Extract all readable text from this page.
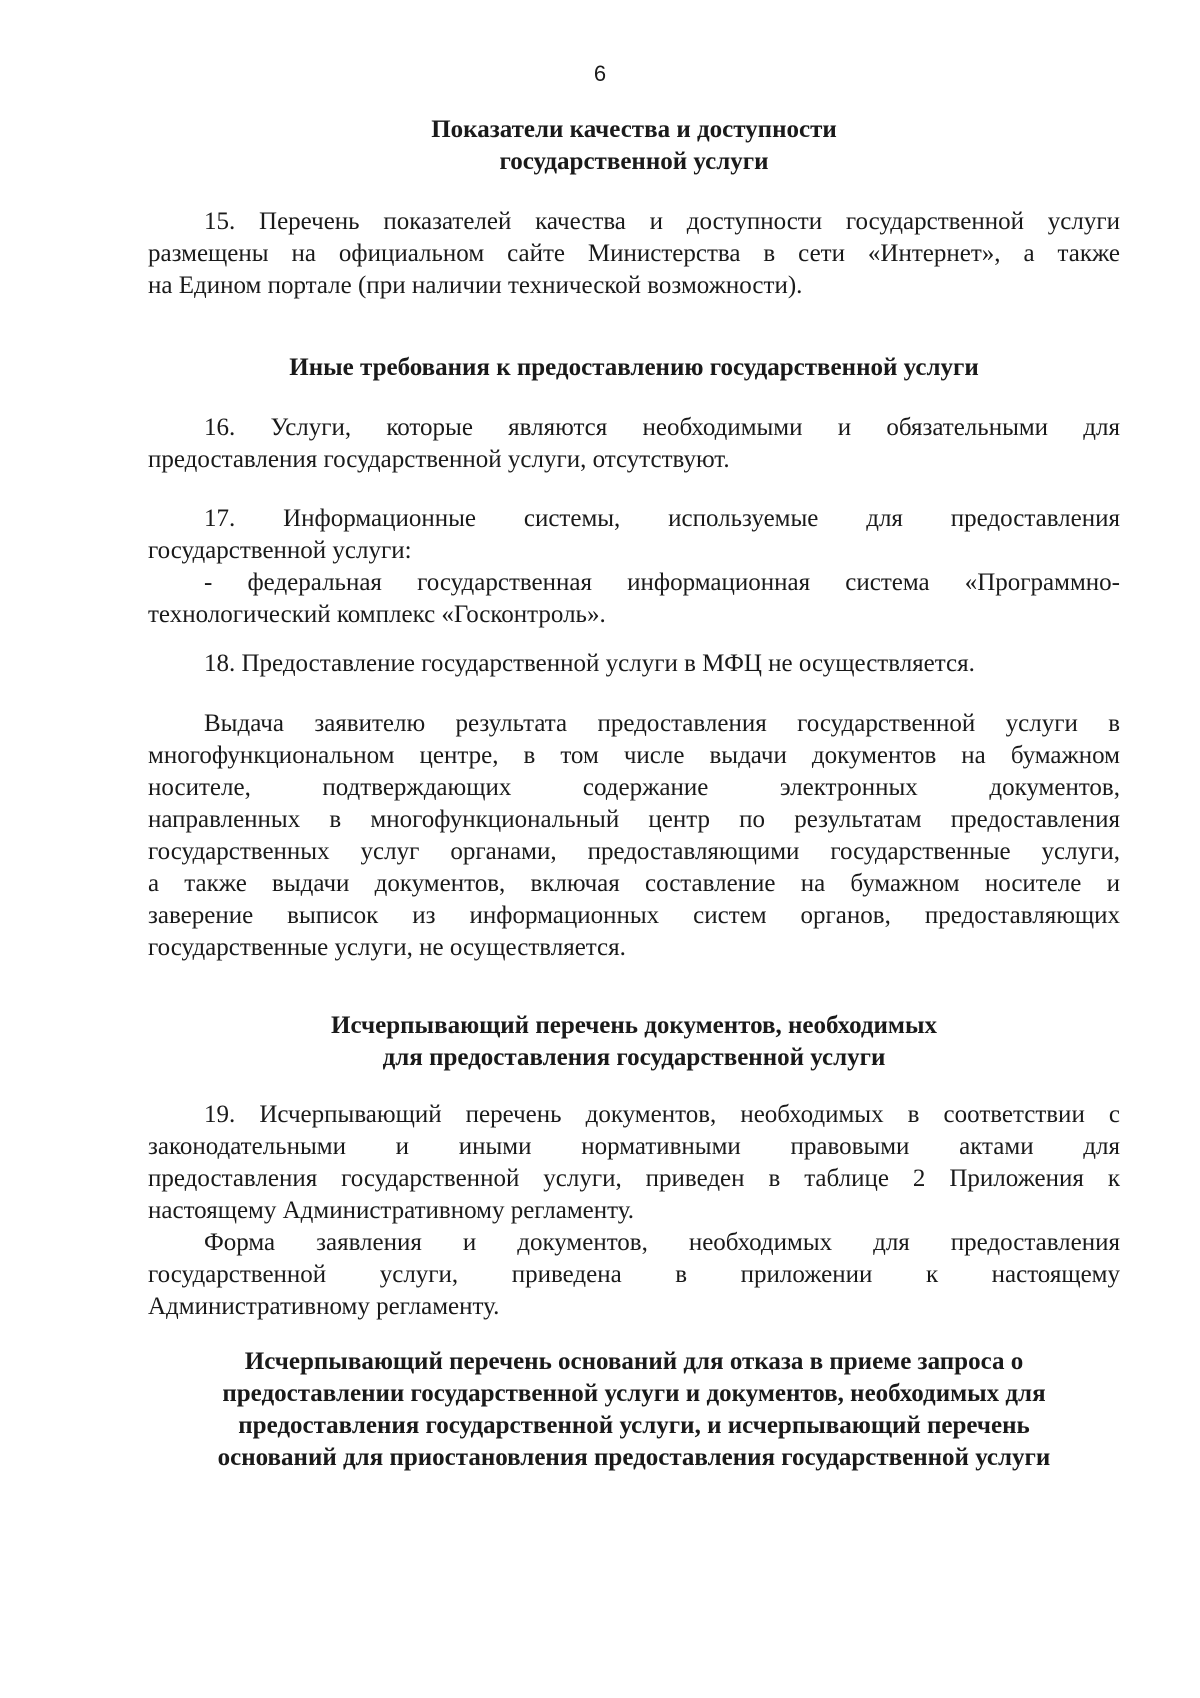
6
Показатели качества и доступности
государственной услуги
15. Перечень показателей качества и доступности государственной услуги
размещены на официальном сайте Министерства в сети «Интернет», а также
на Едином портале (при наличии технической возможности).
Иные требования к предоставлению государственной услуги
16. Услуги, которые являются необходимыми и обязательными для
предоставления государственной услуги, отсутствуют.
17. Информационные системы, используемые для предоставления
государственной услуги:
- федеральная государственная информационная система «Программно-
технологический комплекс «Госконтроль».
18. Предоставление государственной услуги в МФЦ не осуществляется.
Выдача заявителю результата предоставления государственной услуги в
многофункциональном центре, в том числе выдачи документов на бумажном
носителе, подтверждающих содержание электронных документов,
направленных в многофункциональный центр по результатам предоставления
государственных услуг органами, предоставляющими государственные услуги,
а также выдачи документов, включая составление на бумажном носителе и
заверение выписок из информационных систем органов, предоставляющих
государственные услуги, не осуществляется.
Исчерпывающий перечень документов, необходимых
для предоставления государственной услуги
19. Исчерпывающий перечень документов, необходимых в соответствии с
законодательными и иными нормативными правовыми актами для
предоставления государственной услуги, приведен в таблице 2 Приложения к
настоящему Административному регламенту.
Форма заявления и документов, необходимых для предоставления
государственной услуги, приведена в приложении к настоящему
Административному регламенту.
Исчерпывающий перечень оснований для отказа в приеме запроса о
предоставлении государственной услуги и документов, необходимых для
предоставления государственной услуги, и исчерпывающий перечень
оснований для приостановления предоставления государственной услуги
